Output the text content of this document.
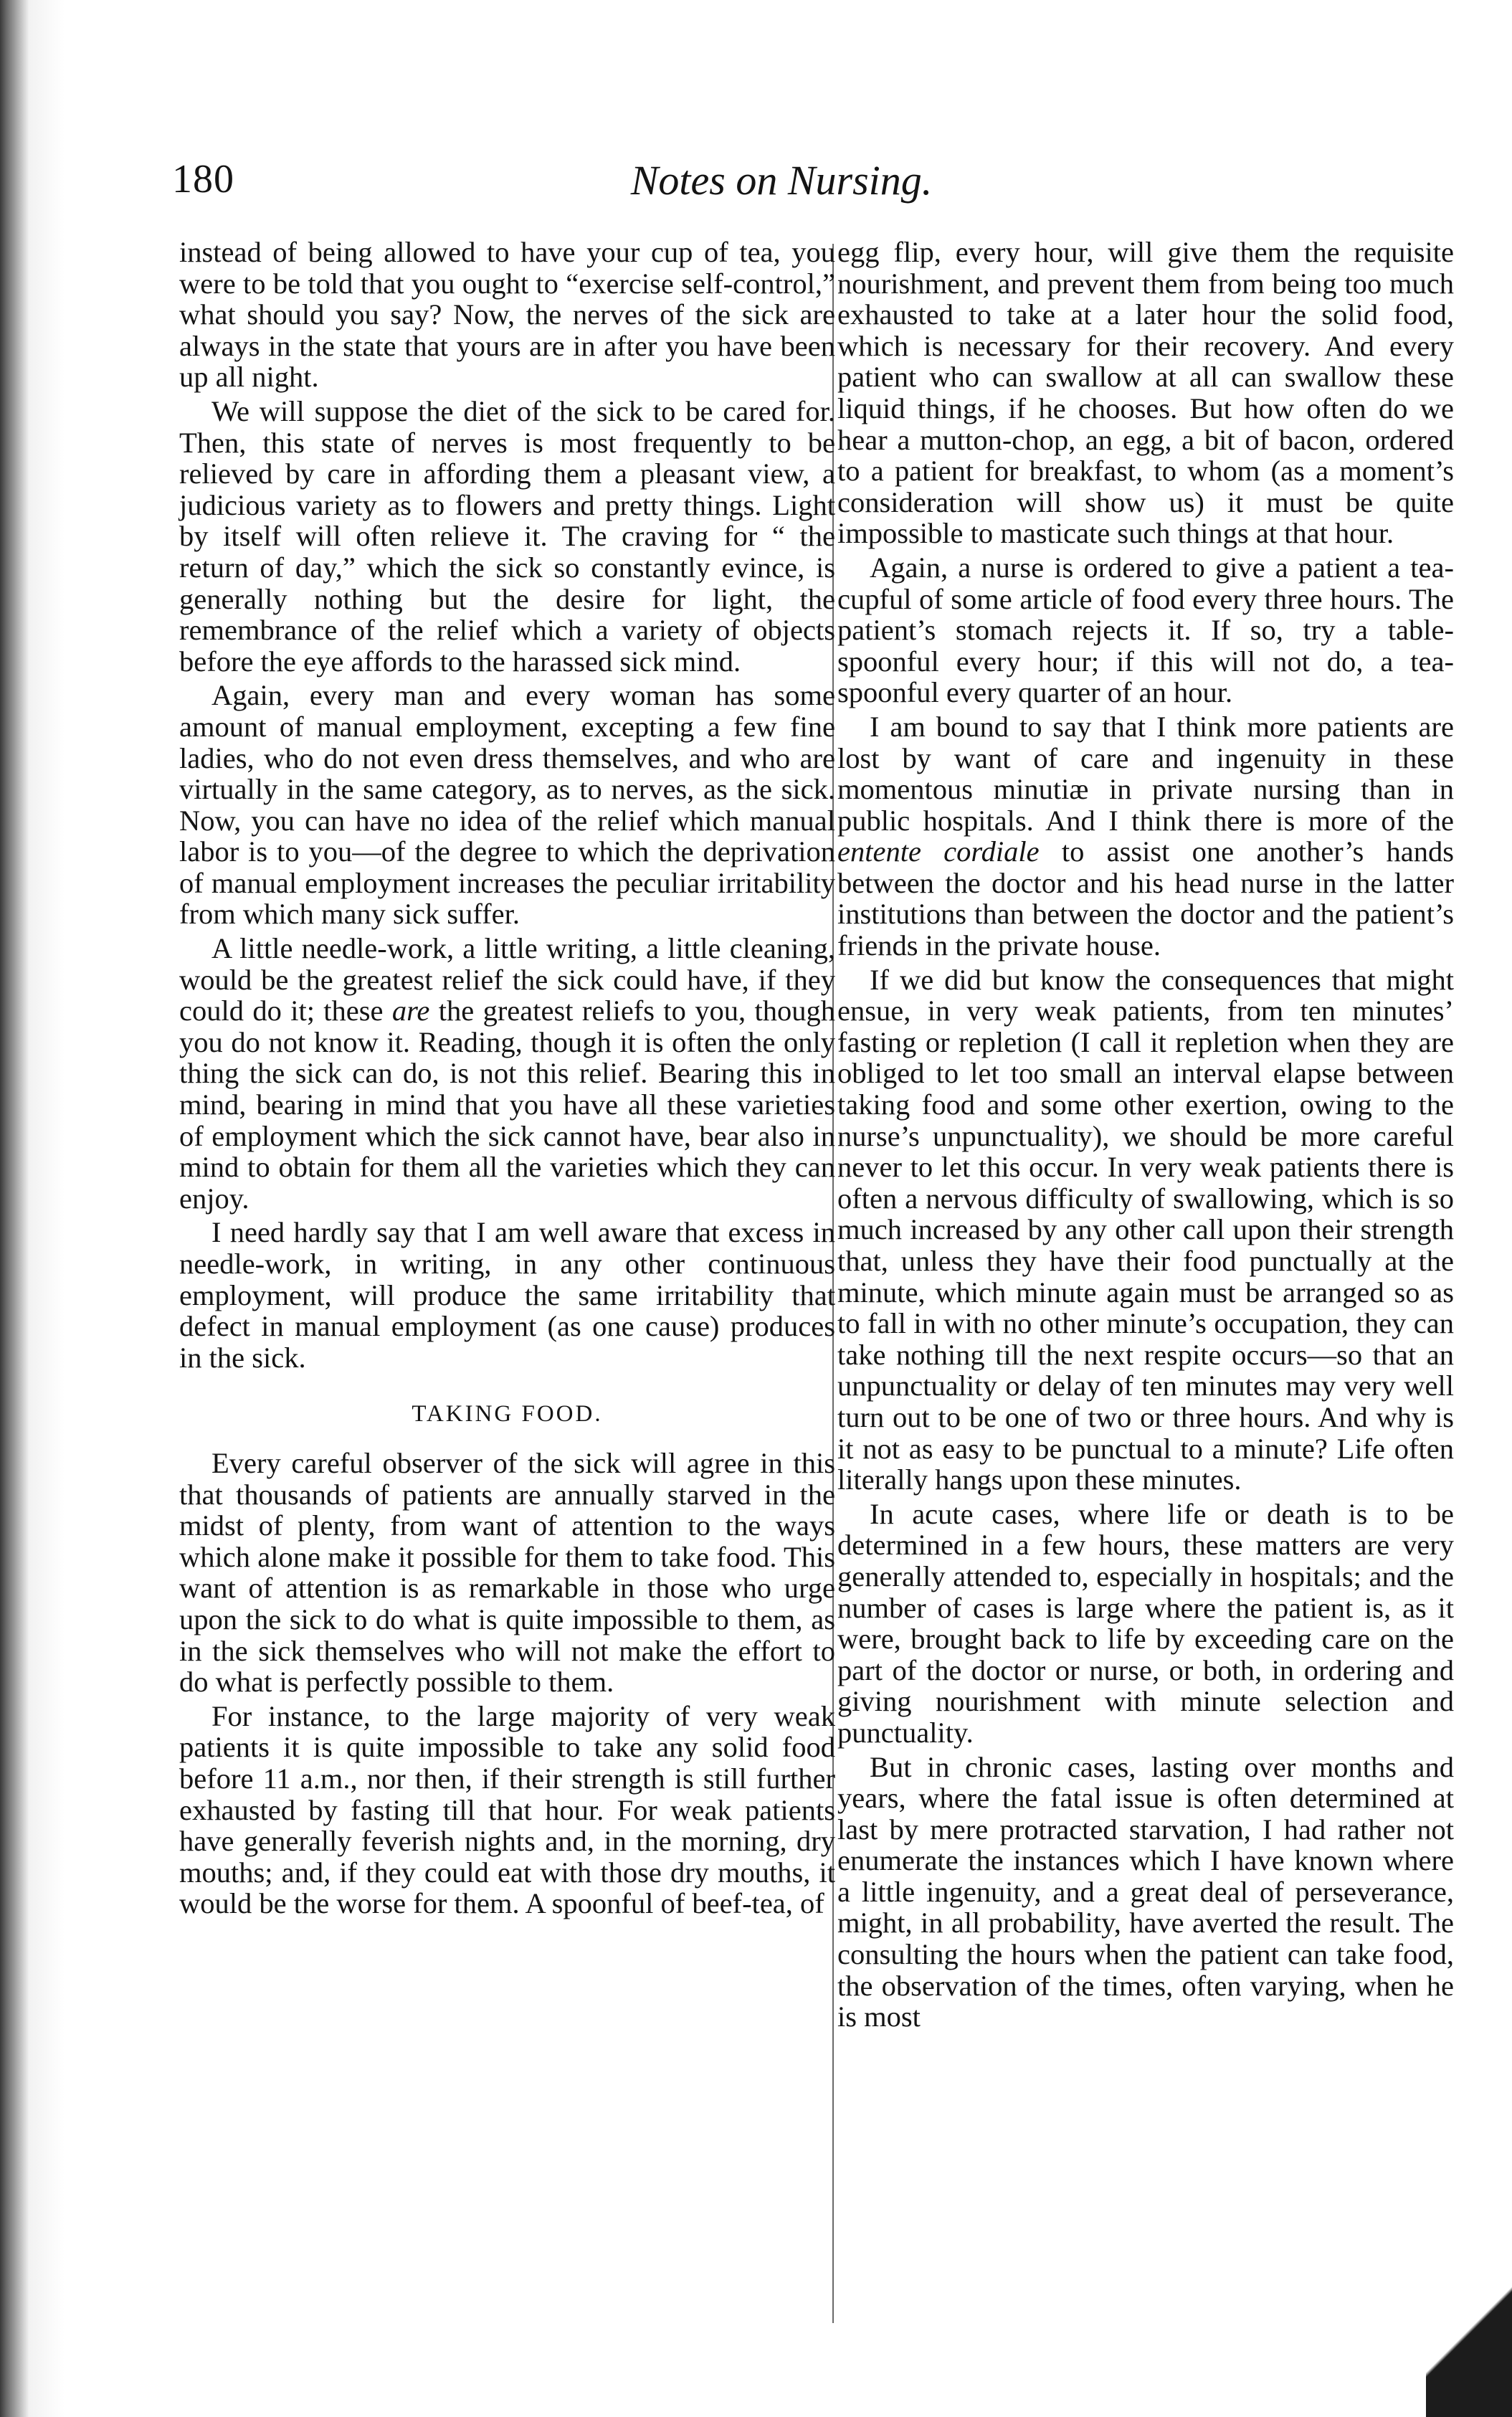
180	Notes on Nursing.

instead of being allowed to have your cup of tea, you were to be told that you ought to “exercise self-control,” what should you say? Now, the nerves of the sick are always in the state that yours are in after you have been up all night.

We will suppose the diet of the sick to be cared for. Then, this state of nerves is most frequently to be relieved by care in affording them a pleasant view, a judicious variety as to flowers and pretty things. Light by itself will often relieve it. The craving for “ the return of day,” which the sick so constantly evince, is generally nothing but the desire for light, the remembrance of the relief which a variety of objects before the eye affords to the harassed sick mind.

Again, every man and every woman has some amount of manual employment, excepting a few fine ladies, who do not even dress themselves, and who are virtually in the same category, as to nerves, as the sick. Now, you can have no idea of the relief which manual labor is to you—of the degree to which the deprivation of manual employment increases the peculiar irritability from which many sick suffer.

A little needle-work, a little writing, a little cleaning, would be the greatest relief the sick could have, if they could do it; these are the greatest reliefs to you, though you do not know it. Reading, though it is often the only thing the sick can do, is not this relief. Bearing this in mind, bearing in mind that you have all these varieties of employment which the sick cannot have, bear also in mind to obtain for them all the varieties which they can enjoy.

I need hardly say that I am well aware that excess in needle-work, in writing, in any other continuous employment, will produce the same irritability that defect in manual employment (as one cause) produces in the sick.

TAKING FOOD.

Every careful observer of the sick will agree in this that thousands of patients are annually starved in the midst of plenty, from want of attention to the ways which alone make it possible for them to take food. This want of attention is as remarkable in those who urge upon the sick to do what is quite impossible to them, as in the sick themselves who will not make the effort to do what is perfectly possible to them.

For instance, to the large majority of very weak patients it is quite impossible to take any solid food before 11 a.m., nor then, if their strength is still further exhausted by fasting till that hour. For weak patients have generally feverish nights and, in the morning, dry mouths; and, if they could eat with those dry mouths, it would be the worse for them. A spoonful of beef-tea, of

egg flip, every hour, will give them the requisite nourishment, and prevent them from being too much exhausted to take at a later hour the solid food, which is necessary for their recovery. And every patient who can swallow at all can swallow these liquid things, if he chooses. But how often do we hear a mutton-chop, an egg, a bit of bacon, ordered to a patient for breakfast, to whom (as a moment’s consideration will show us) it must be quite impossible to masticate such things at that hour.

Again, a nurse is ordered to give a patient a tea-cupful of some article of food every three hours. The patient’s stomach rejects it. If so, try a table-spoonful every hour; if this will not do, a tea-spoonful every quarter of an hour.

I am bound to say that I think more patients are lost by want of care and ingenuity in these momentous minutiæ in private nursing than in public hospitals. And I think there is more of the entente cordiale to assist one another’s hands between the doctor and his head nurse in the latter institutions than between the doctor and the patient’s friends in the private house.

If we did but know the consequences that might ensue, in very weak patients, from ten minutes’ fasting or repletion (I call it repletion when they are obliged to let too small an interval elapse between taking food and some other exertion, owing to the nurse’s unpunctuality), we should be more careful never to let this occur. In very weak patients there is often a nervous difficulty of swallowing, which is so much increased by any other call upon their strength that, unless they have their food punctually at the minute, which minute again must be arranged so as to fall in with no other minute’s occupation, they can take nothing till the next respite occurs—so that an unpunctuality or delay of ten minutes may very well turn out to be one of two or three hours. And why is it not as easy to be punctual to a minute? Life often literally hangs upon these minutes.

In acute cases, where life or death is to be determined in a few hours, these matters are very generally attended to, especially in hospitals; and the number of cases is large where the patient is, as it were, brought back to life by exceeding care on the part of the doctor or nurse, or both, in ordering and giving nourishment with minute selection and punctuality.

But in chronic cases, lasting over months and years, where the fatal issue is often determined at last by mere protracted starvation, I had rather not enumerate the instances which I have known where a little ingenuity, and a great deal of perseverance, might, in all probability, have averted the result. The consulting the hours when the patient can take food, the observation of the times, often varying, when he is most
